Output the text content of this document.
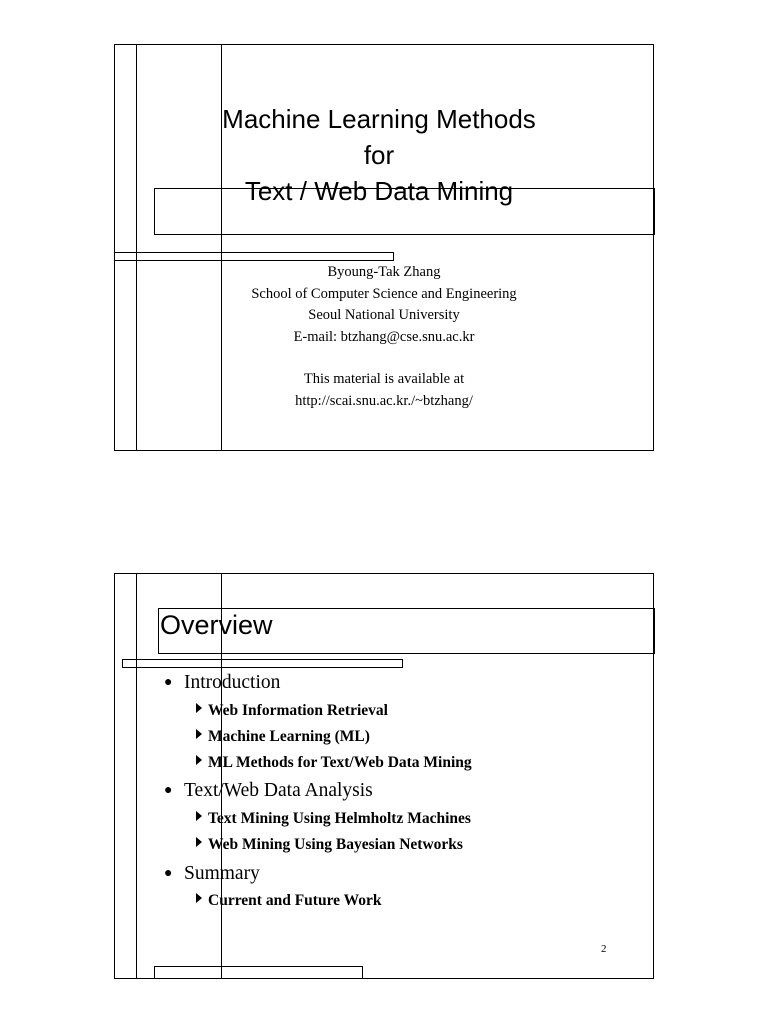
Machine Learning Methods
for
Text / Web Data Mining
Byoung-Tak Zhang
School of Computer Science and Engineering
Seoul National University
E-mail: btzhang@cse.snu.ac.kr
This material is available at
http://scai.snu.ac.kr./~btzhang/
Overview
● Introduction
Web Information Retrieval
Machine Learning (ML)
ML Methods for Text/Web Data Mining
● Text/Web Data Analysis
Text Mining Using Helmholtz Machines
Web Mining Using Bayesian Networks
● Summary
Current and Future Work
2
